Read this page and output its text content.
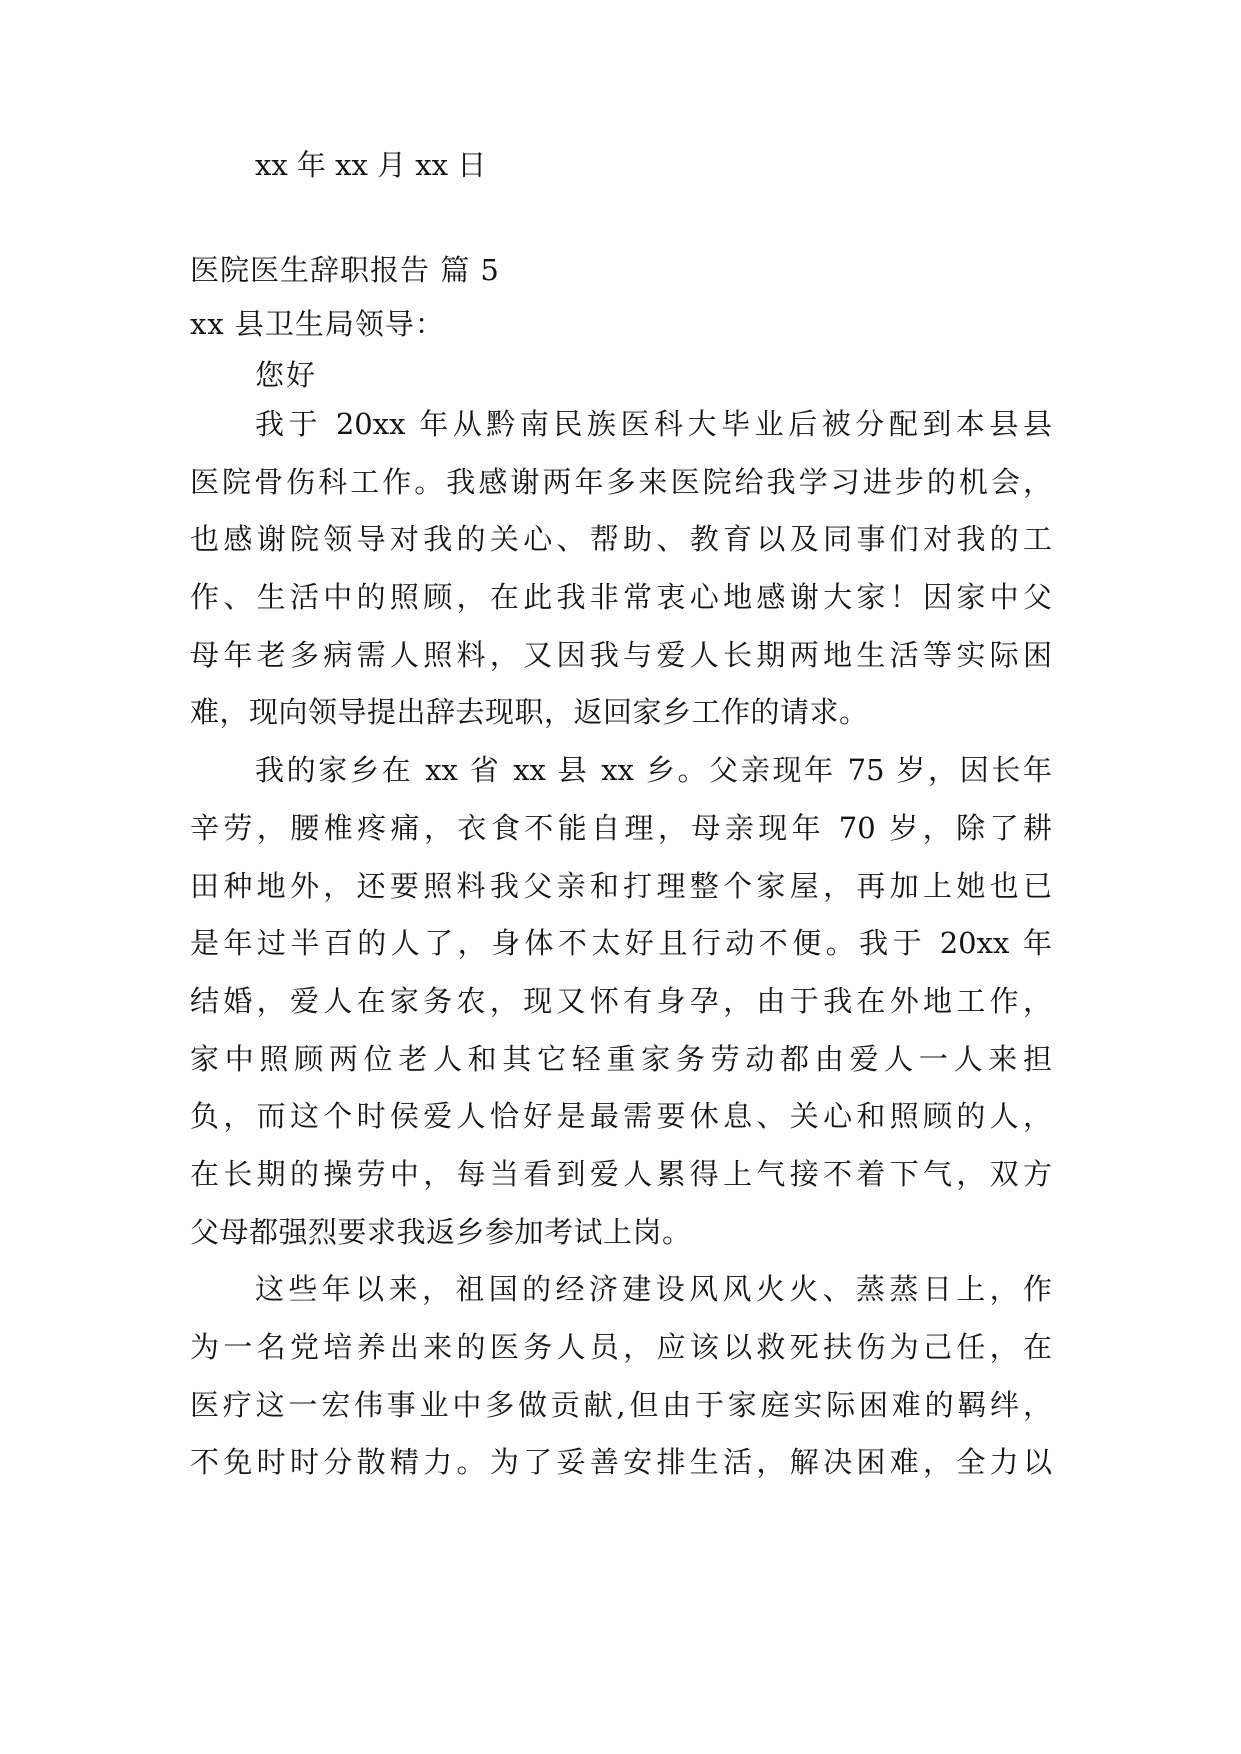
xx 年 xx 月 xx 日
医院医生辞职报告 篇 5
xx 县卫生局领导：
您好
我于 20xx 年从黔南民族医科大毕业后被分配到本县县
医院骨伤科工作。我感谢两年多来医院给我学习进步的机会，
也感谢院领导对我的关心、帮助、教育以及同事们对我的工
作、生活中的照顾，在此我非常衷心地感谢大家！因家中父
母年老多病需人照料，又因我与爱人长期两地生活等实际困
难，现向领导提出辞去现职，返回家乡工作的请求。
我的家乡在 xx 省 xx 县 xx 乡。父亲现年 75 岁，因长年
辛劳，腰椎疼痛，衣食不能自理，母亲现年 70 岁，除了耕
田种地外，还要照料我父亲和打理整个家屋，再加上她也已
是年过半百的人了，身体不太好且行动不便。我于 20xx 年
结婚，爱人在家务农，现又怀有身孕，由于我在外地工作，
家中照顾两位老人和其它轻重家务劳动都由爱人一人来担
负，而这个时侯爱人恰好是最需要休息、关心和照顾的人，
在长期的操劳中，每当看到爱人累得上气接不着下气，双方
父母都强烈要求我返乡参加考试上岗。
这些年以来，祖国的经济建设风风火火、蒸蒸日上，作
为一名党培养出来的医务人员，应该以救死扶伤为己任，在
医疗这一宏伟事业中多做贡献,但由于家庭实际困难的羁绊，
不免时时分散精力。为了妥善安排生活，解决困难，全力以
